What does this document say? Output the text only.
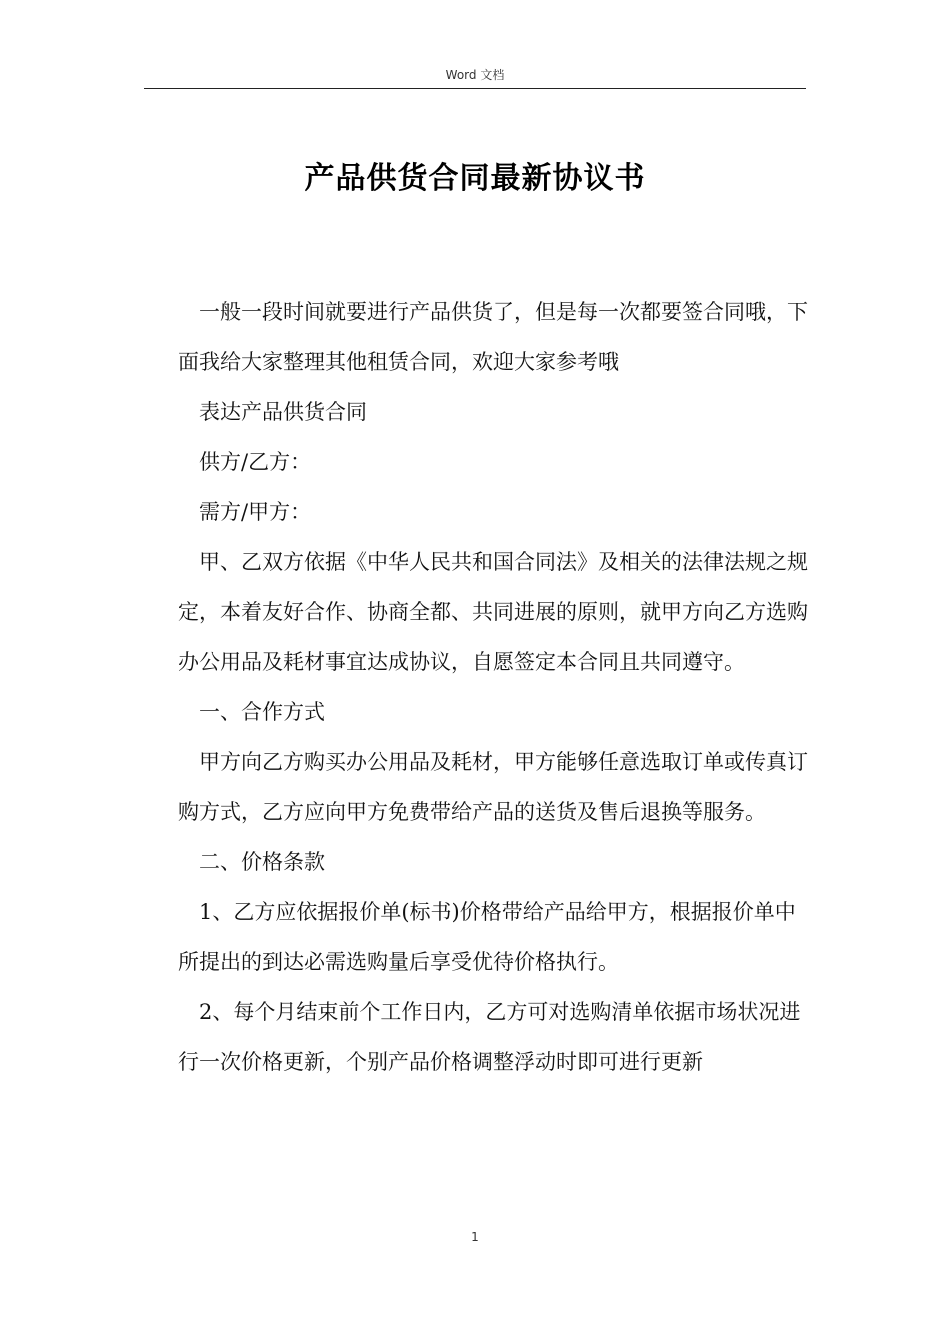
Word 文档
产品供货合同最新协议书

一般一段时间就要进行产品供货了，但是每一次都要签合同哦，下面我给大家整理其他租赁合同，欢迎大家参考哦

表达产品供货合同

供方/乙方：

需方/甲方：

甲、乙双方依据《中华人民共和国合同法》及相关的法律法规之规定，本着友好合作、协商全都、共同进展的原则，就甲方向乙方选购办公用品及耗材事宜达成协议，自愿签定本合同且共同遵守。

一、合作方式

甲方向乙方购买办公用品及耗材，甲方能够任意选取订单或传真订购方式，乙方应向甲方免费带给产品的送货及售后退换等服务。

二、价格条款

1、乙方应依据报价单(标书)价格带给产品给甲方，根据报价单中所提出的到达必需选购量后享受优待价格执行。

2、每个月结束前个工作日内，乙方可对选购清单依据市场状况进行一次价格更新，个别产品价格调整浮动时即可进行更新

1
